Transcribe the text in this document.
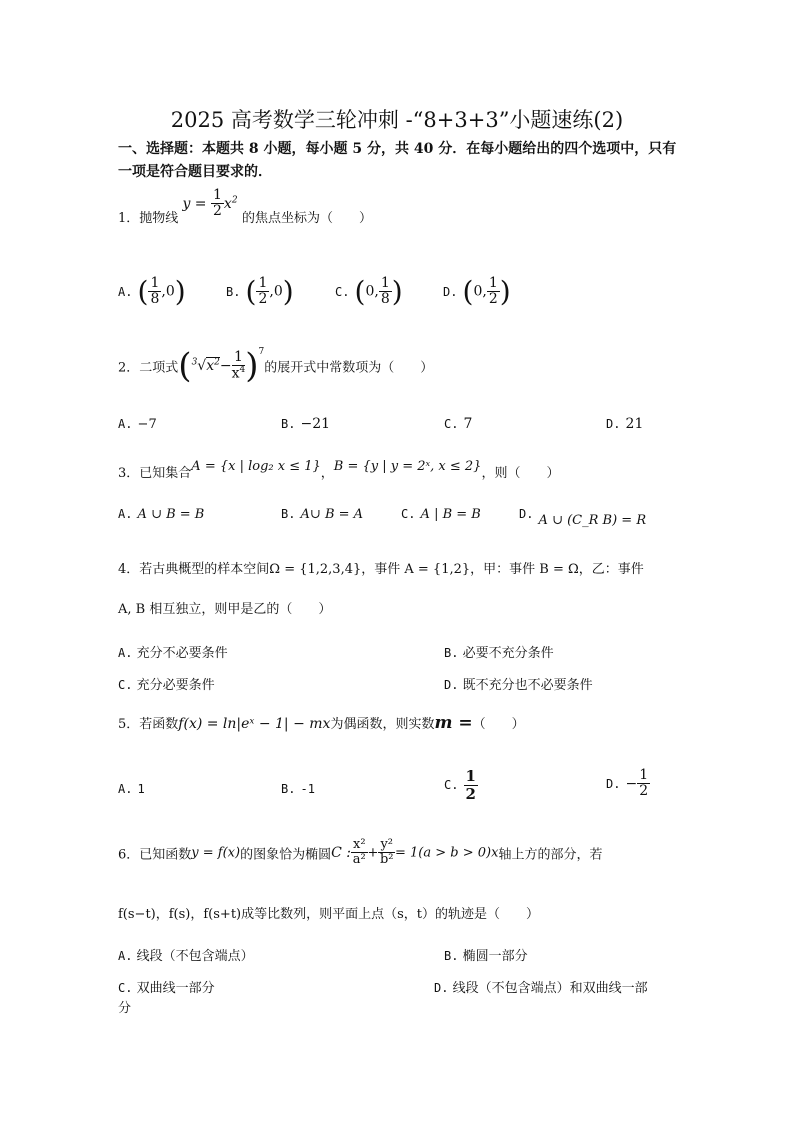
2025 高考数学三轮冲刺 -“8+3+3”小题速练(2)
一、选择题：本题共 8 小题，每小题 5 分，共 40 分．在每小题给出的四个选项中，只有一项是符合题目要求的．
1．抛物线 $y = \frac{1}{2} x^2$ 的焦点坐标为（　　）
A. ( $\frac{1}{8} ,0$)	B. ( $\frac{1}{2} ,0$)	C. (0, $\frac{1}{8}$ )	D. (0, $\frac{1}{2}$ )
2．二项式$(^3√x^2- \frac{1}{x^4} )^7$的展开式中常数项为（　　）
A. −7	B. −21	C. 7	D. 21
3．已知集合A = {x | log₂ x ≤ 1}，B = {y | y = 2ˣ, x ≤ 2}，则（　　）
A. A ∪ B = B	B. A∪ B = A	C. A | B = B	D. $_{A \cup (C\_R B) = R}$
4．若古典概型的样本空间Ω = {1,2,3,4}，事件 A = {1,2}，甲：事件 B = Ω，乙：事件
A, B 相互独立，则甲是乙的（　　）
A. 充分不必要条件	B. 必要不充分条件
C. 充分必要条件	D. 既不充分也不必要条件
5．若函数f(x) = ln|eˣ − 1| − mx为偶函数，则实数m =（　　）
A. 1	B. -1	C. $\frac{1}{2}$	D. − $\frac{1}{2}$
6．已知函数y = f(x)的图象恰为椭圆C : $\frac{\text{x²}}{\text{a²}} + \frac{\text{y²}}{\text{b²}} = 1(a > b > 0)x$轴上方的部分，若
f(s−t)，f(s)，f(s+t)成等比数列，则平面上点（s，t）的轨迹是（　　）
A. 线段（不包含端点）	B. 椭圆一部分
C. 双曲线一部分	D. 线段（不包含端点）和双曲线一部
分
